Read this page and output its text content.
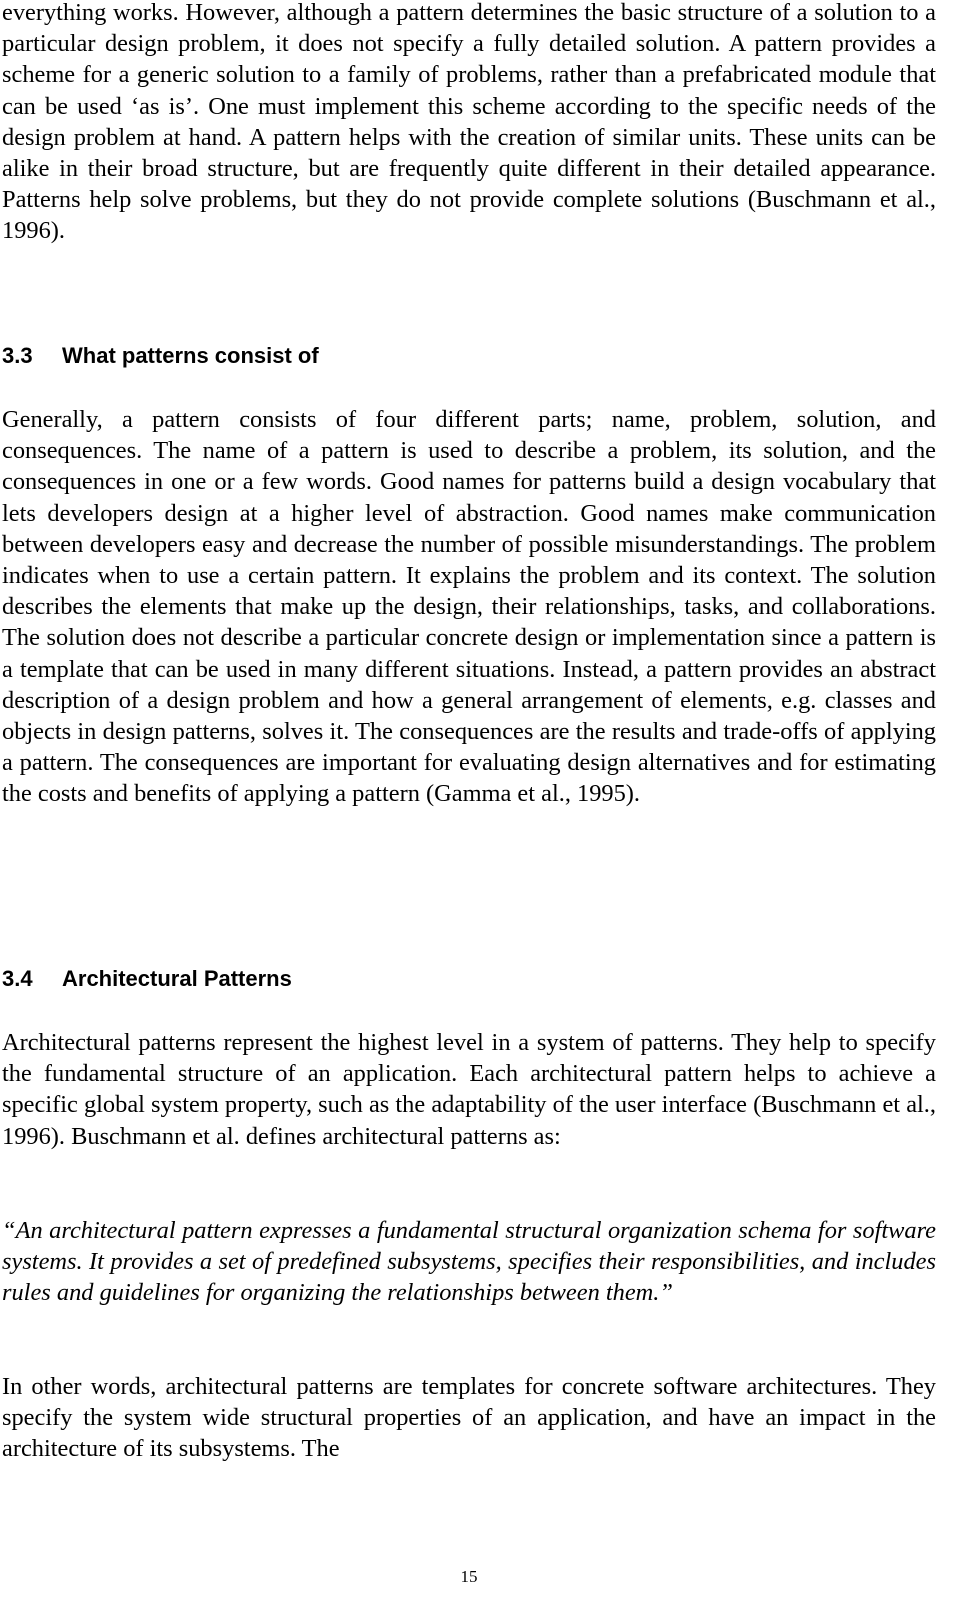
everything works. However, although a pattern determines the basic structure of a solution to a particular design problem, it does not specify a fully detailed solution. A pattern provides a scheme for a generic solution to a family of problems, rather than a prefabricated module that can be used ‘as is’. One must implement this scheme according to the specific needs of the design problem at hand. A pattern helps with the creation of similar units. These units can be alike in their broad structure, but are frequently quite different in their detailed appearance. Patterns help solve problems, but they do not provide complete solutions (Buschmann et al., 1996).

3.3	What patterns consist of

Generally, a pattern consists of four different parts; name, problem, solution, and consequences. The name of a pattern is used to describe a problem, its solution, and the consequences in one or a few words. Good names for patterns build a design vocabulary that lets developers design at a higher level of abstraction. Good names make communication between developers easy and decrease the number of possible misunderstandings. The problem indicates when to use a certain pattern. It explains the problem and its context. The solution describes the elements that make up the design, their relationships, tasks, and collaborations. The solution does not describe a particular concrete design or implementation since a pattern is a template that can be used in many different situations. Instead, a pattern provides an abstract description of a design problem and how a general arrangement of elements, e.g. classes and objects in design patterns, solves it. The consequences are the results and trade-offs of applying a pattern. The consequences are important for evaluating design alternatives and for estimating the costs and benefits of applying a pattern (Gamma et al., 1995).

3.4	Architectural Patterns

Architectural patterns represent the highest level in a system of patterns. They help to specify the fundamental structure of an application. Each architectural pattern helps to achieve a specific global system property, such as the adaptability of the user interface (Buschmann et al., 1996). Buschmann et al. defines architectural patterns as:

“An architectural pattern expresses a fundamental structural organization schema for software systems. It provides a set of predefined subsystems, specifies their responsibilities, and includes rules and guidelines for organizing the relationships between them.”

In other words, architectural patterns are templates for concrete software architectures. They specify the system wide structural properties of an application, and have an impact in the architecture of its subsystems. The

15
